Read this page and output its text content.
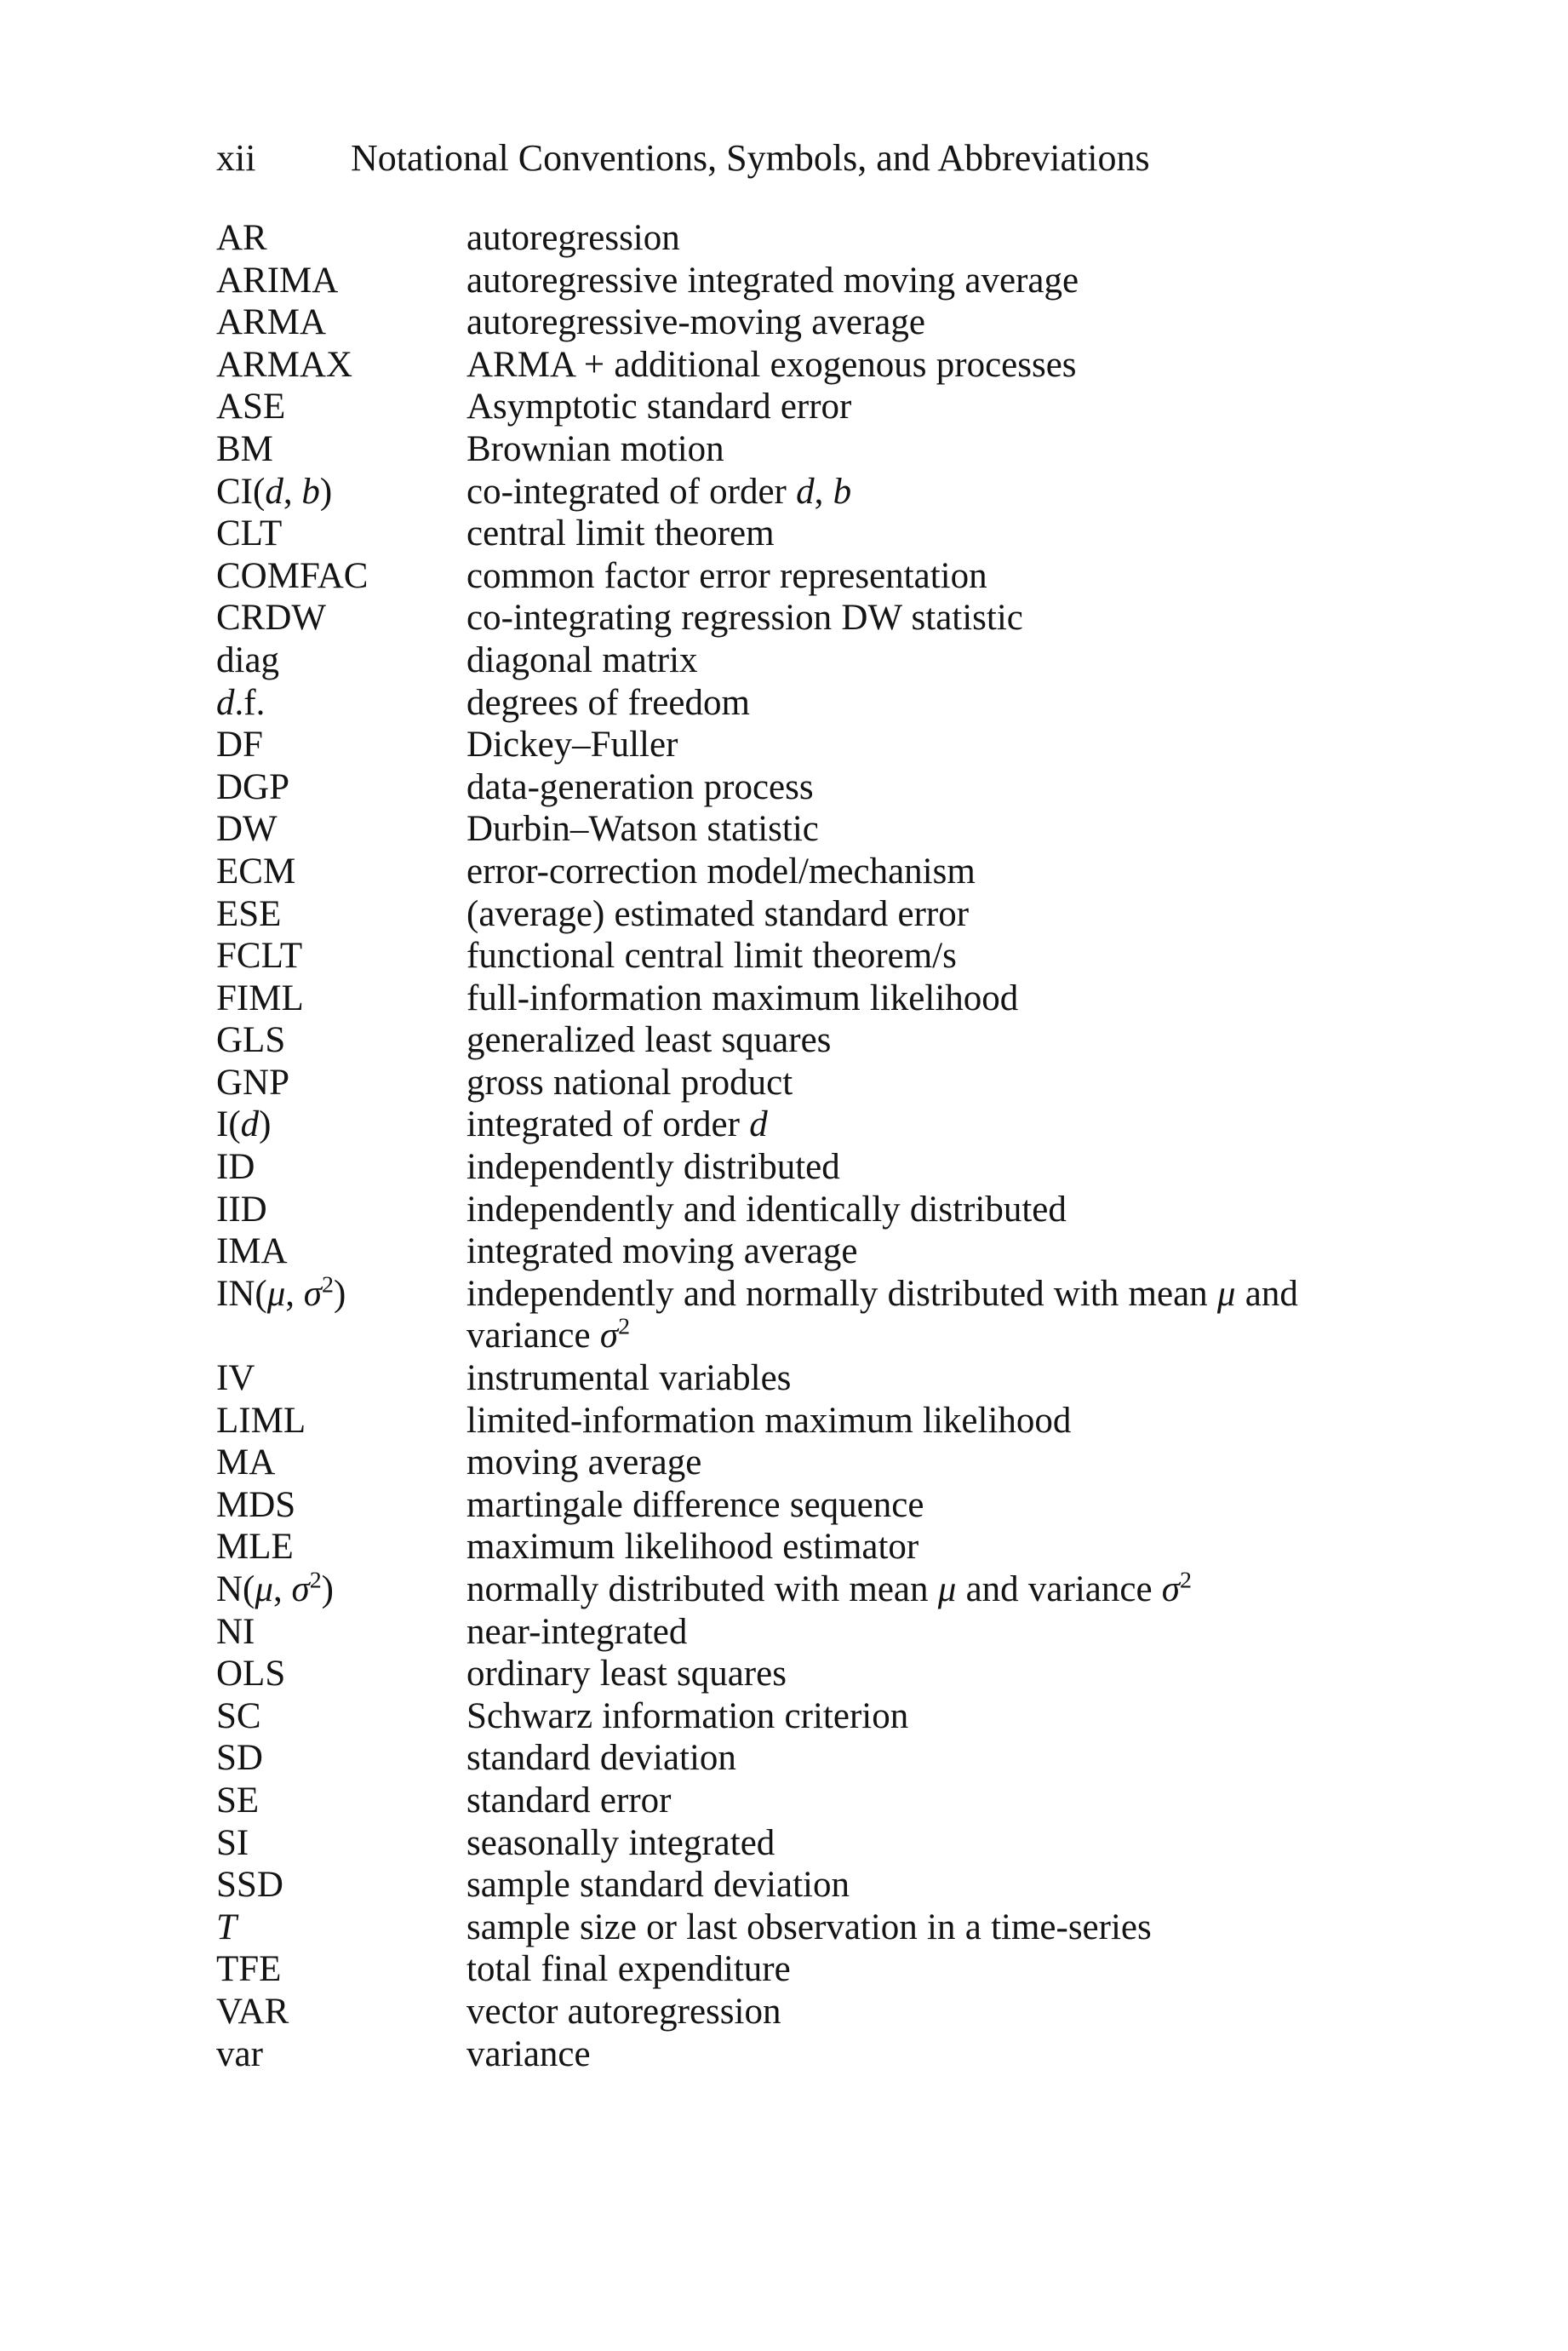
xii	Notational Conventions, Symbols, and Abbreviations
AR	autoregression
ARIMA	autoregressive integrated moving average
ARMA	autoregressive-moving average
ARMAX	ARMA + additional exogenous processes
ASE	Asymptotic standard error
BM	Brownian motion
CI(d, b)	co-integrated of order d, b
CLT	central limit theorem
COMFAC	common factor error representation
CRDW	co-integrating regression DW statistic
diag	diagonal matrix
d.f.	degrees of freedom
DF	Dickey–Fuller
DGP	data-generation process
DW	Durbin–Watson statistic
ECM	error-correction model/mechanism
ESE	(average) estimated standard error
FCLT	functional central limit theorem/s
FIML	full-information maximum likelihood
GLS	generalized least squares
GNP	gross national product
I(d)	integrated of order d
ID	independently distributed
IID	independently and identically distributed
IMA	integrated moving average
IN(μ, $\sigma^2$)	independently and normally distributed with mean μ and variance $\sigma^2$
IV	instrumental variables
LIML	limited-information maximum likelihood
MA	moving average
MDS	martingale difference sequence
MLE	maximum likelihood estimator
N(μ, $\sigma^2$)	normally distributed with mean μ and variance $\sigma^2$
NI	near-integrated
OLS	ordinary least squares
SC	Schwarz information criterion
SD	standard deviation
SE	standard error
SI	seasonally integrated
SSD	sample standard deviation
T	sample size or last observation in a time-series
TFE	total final expenditure
VAR	vector autoregression
var	variance
